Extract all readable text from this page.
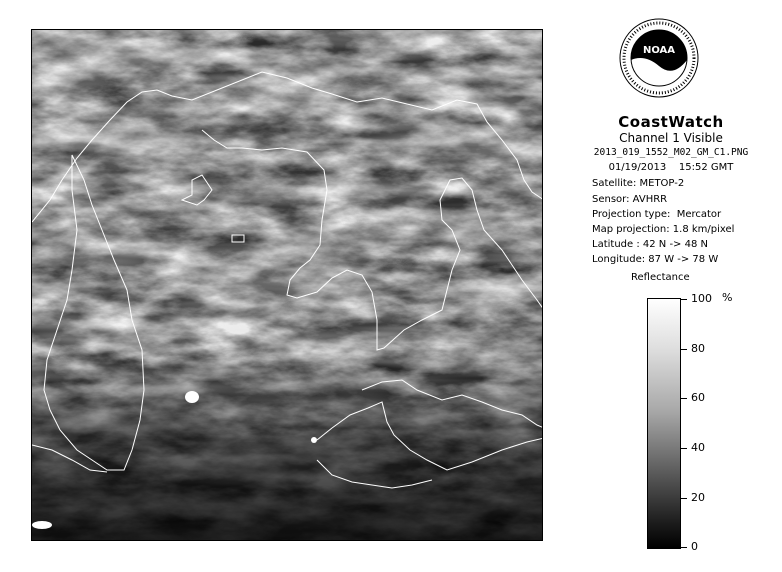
NOAA
CoastWatch
Channel 1 Visible
2013_019_1552_M02_GM_C1.PNG
01/19/2013    15:52 GMT
Satellite: METOP-2
Sensor: AVHRR
Projection type:  Mercator
Map projection: 1.8 km/pixel
Latitude : 42 N -> 48 N
Longitude: 87 W -> 78 W
Reflectance
%
100
80
60
40
20
0
